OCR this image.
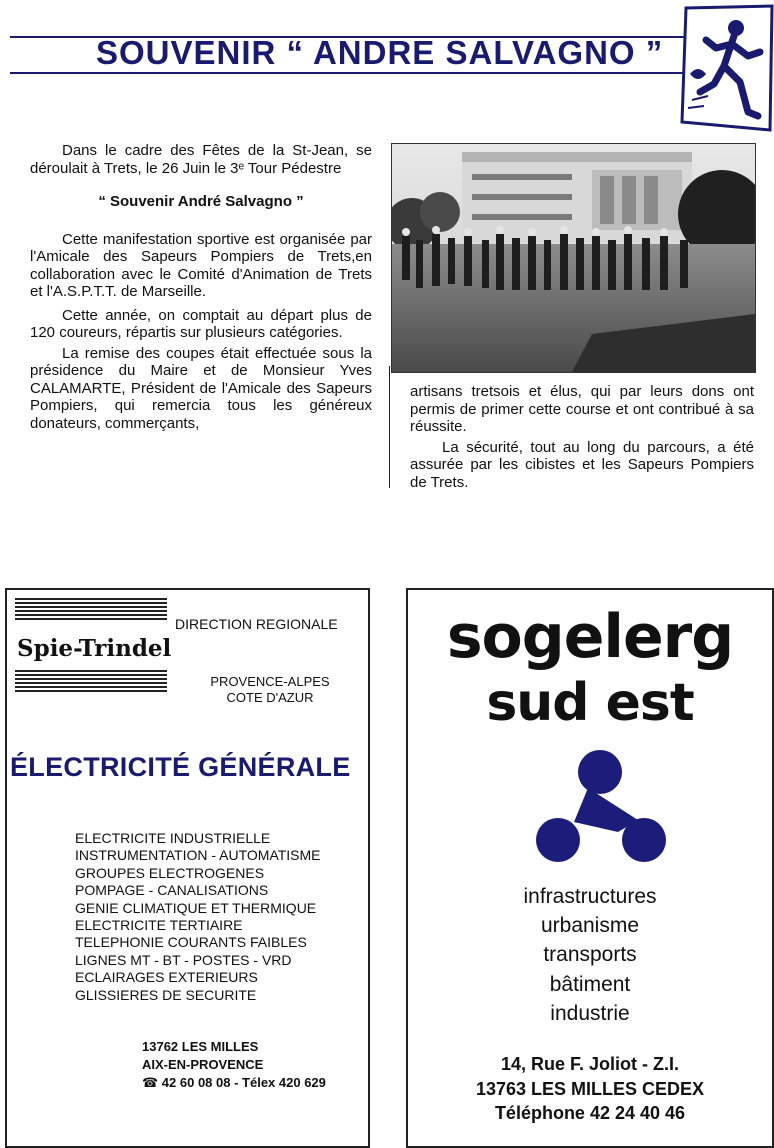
SOUVENIR “ ANDRE SALVAGNO ”

Dans le cadre des Fêtes de la St-Jean, se déroulait à Trets, le 26 Juin le 3ᵉ Tour Pédestre

“ Souvenir André Salvagno ”

Cette manifestation sportive est organisée par l'Amicale des Sapeurs Pompiers de Trets,en collaboration avec le Comité d'Animation de Trets et l'A.S.P.T.T. de Marseille.

Cette année, on comptait au départ plus de 120 coureurs, répartis sur plusieurs catégories.

La remise des coupes était effectuée sous la présidence du Maire et de Monsieur Yves CALAMARTE, Président de l'Amicale des Sapeurs Pompiers, qui remercia tous les généreux donateurs, commerçants,

artisans tretsois et élus, qui par leurs dons ont permis de primer cette course et ont contribué à sa réussite.

La sécurité, tout au long du parcours, a été assurée par les cibistes et les Sapeurs Pompiers de Trets.

Spie-Trindel
DIRECTION REGIONALE
PROVENCE-ALPES
COTE D'AZUR
ÉLECTRICITÉ GÉNÉRALE
ELECTRICITE INDUSTRIELLE
INSTRUMENTATION - AUTOMATISME
GROUPES ELECTROGENES
POMPAGE - CANALISATIONS
GENIE CLIMATIQUE ET THERMIQUE
ELECTRICITE TERTIAIRE
TELEPHONIE COURANTS FAIBLES
LIGNES MT - BT - POSTES - VRD
ECLAIRAGES EXTERIEURS
GLISSIERES DE SECURITE
13762 LES MILLES
AIX-EN-PROVENCE
☎ 42 60 08 08 - Télex 420 629
sogelerg
sud est
infrastructures
urbanisme
transports
bâtiment
industrie
14, Rue F. Joliot - Z.I.
13763 LES MILLES CEDEX
Téléphone 42 24 40 46
